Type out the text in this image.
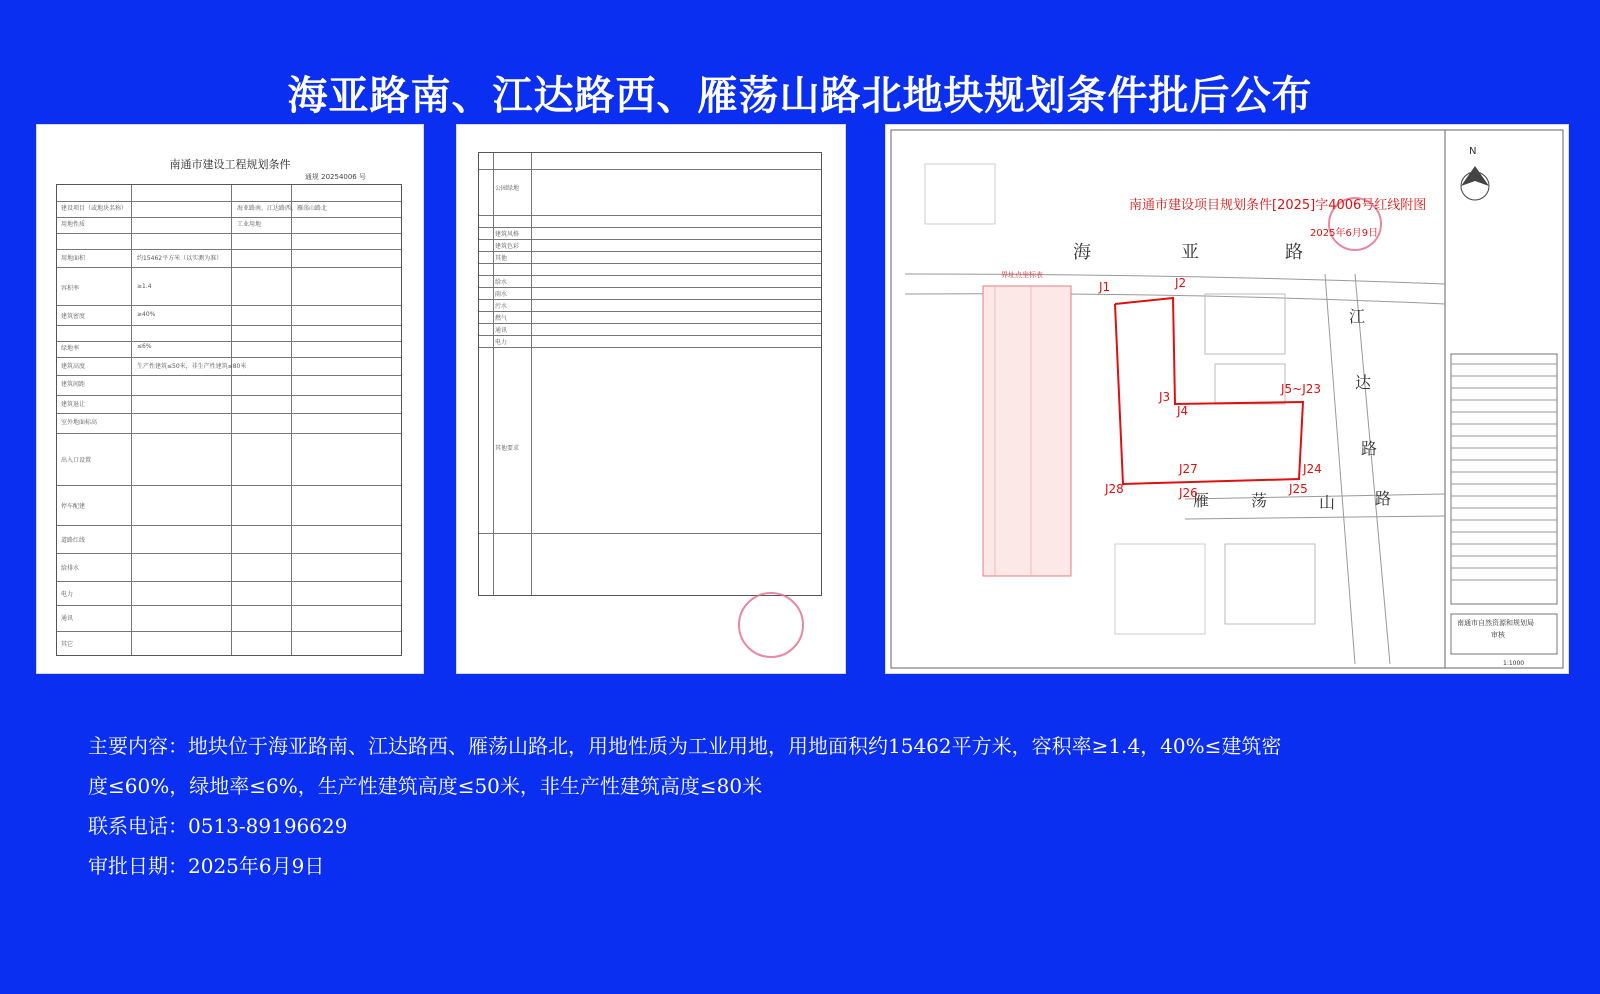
海亚路南、江达路西、雁荡山路北地块规划条件批后公布
南通市建设工程规划条件
通规 20254006 号
建设项目（或地块名称）	海亚路南、江达路西、雁荡山路北
用地性质	工业用地
用地面积	约15462平方米（以实测为准）
容积率	≥1.4
建筑密度	≥40%
绿地率	≤6%
建筑高度	生产性建筑≤50米，非生产性建筑≤80米
建筑间距
建筑退让
室外地面标高
出入口设置
停车配建
道路红线
给排水
电力
通讯
其它
公园绿地
建筑风格
建筑色彩
其他
给水
雨水
污水
燃气
通讯
电力
其他要求
南通市建设项目规划条件[2025]字4006号红线附图
2025年6月9日
N
海	亚	路
江
达
路
雁	荡	山 路
J1	J2
J3
J4
J5~J23
J24
J25
J26
J27
J28
界址点坐标表
南通市自然资源和规划局
审核
1:1000
主要内容：地块位于海亚路南、江达路西、雁荡山路北，用地性质为工业用地，用地面积约15462平方米，容积率≥1.4，40%≤建筑密
度≤60%，绿地率≤6%，生产性建筑高度≤50米，非生产性建筑高度≤80米
联系电话：0513-89196629
审批日期：2025年6月9日
